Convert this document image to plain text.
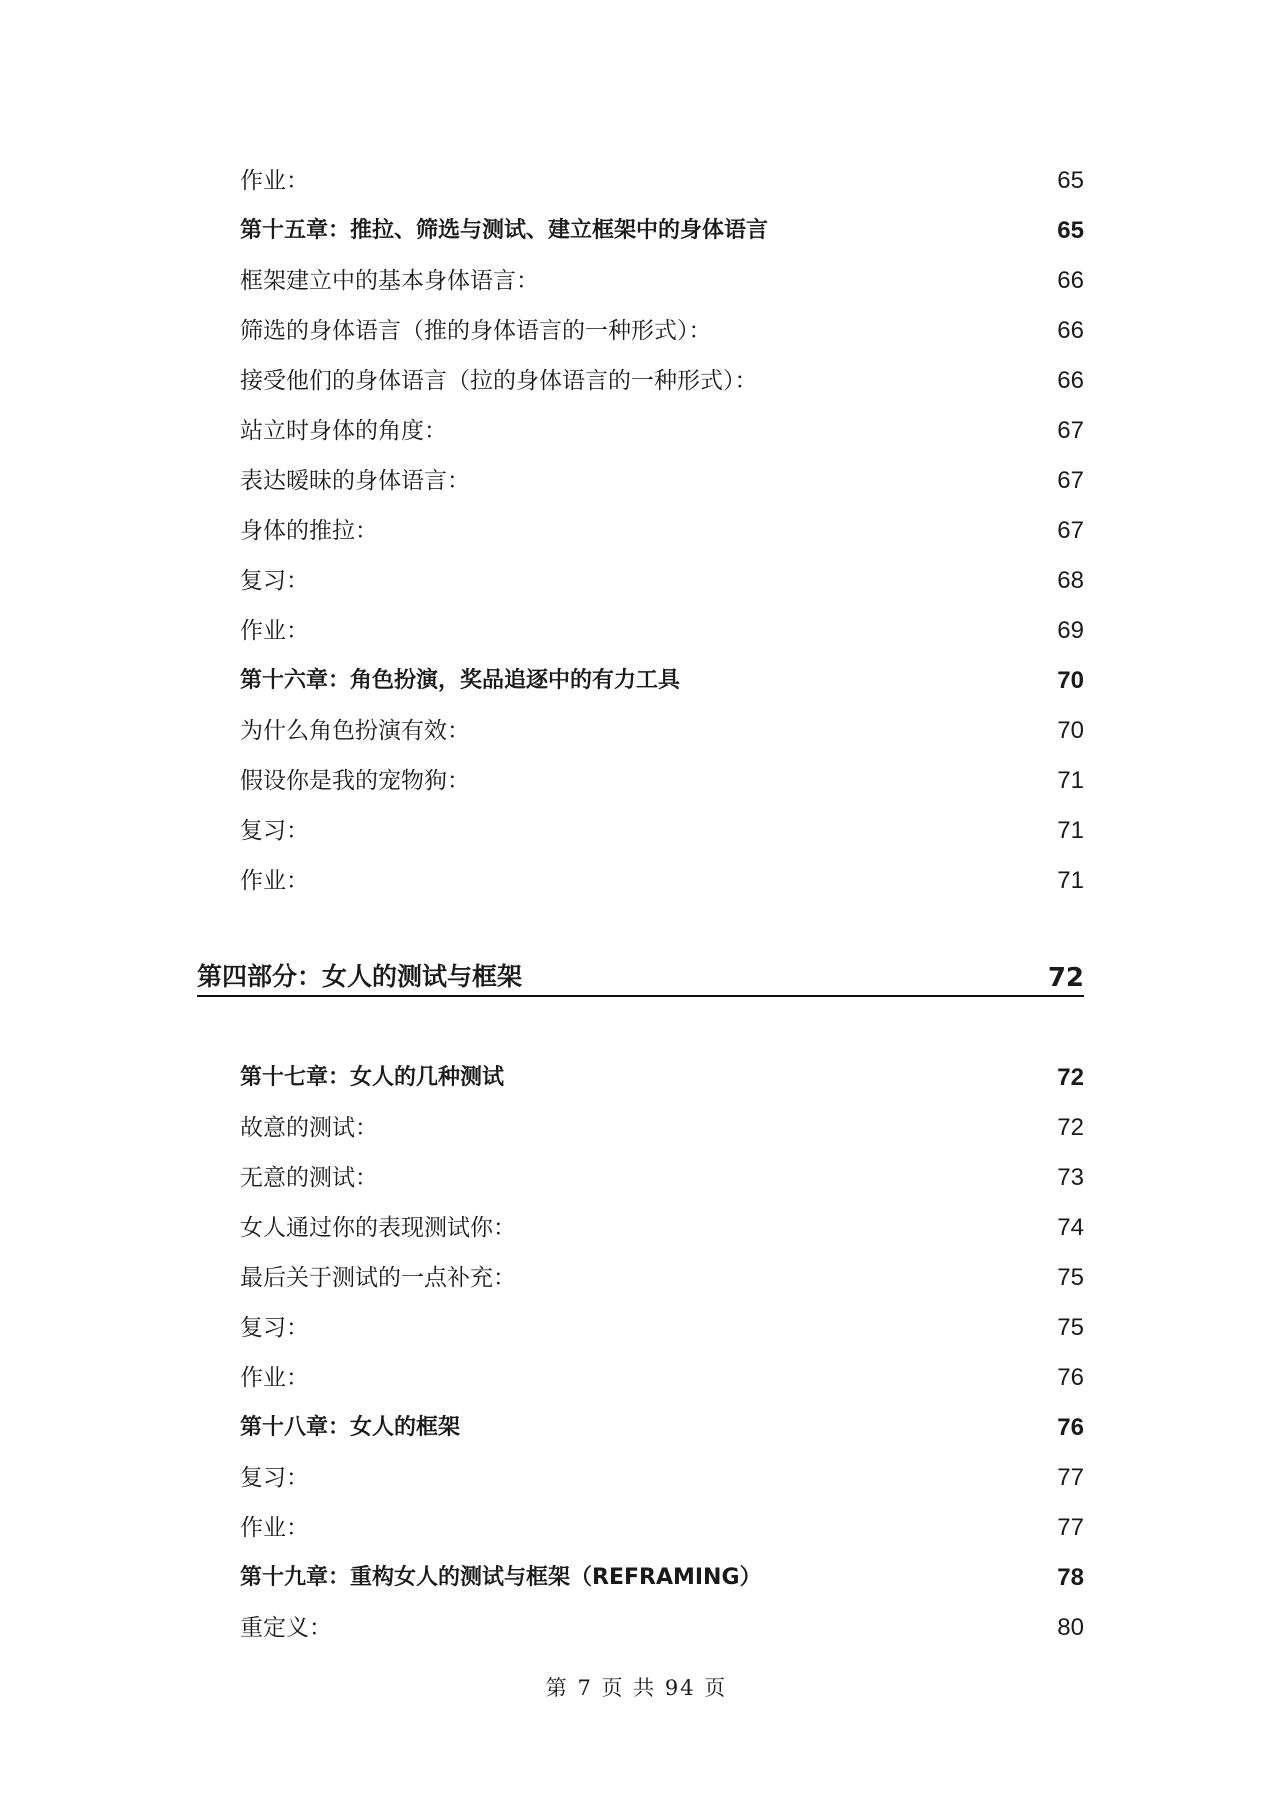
作业：	65
第十五章：推拉、筛选与测试、建立框架中的身体语言	65
框架建立中的基本身体语言：	66
筛选的身体语言（推的身体语言的一种形式）：	66
接受他们的身体语言（拉的身体语言的一种形式）：	66
站立时身体的角度：	67
表达暧昧的身体语言：	67
身体的推拉：	67
复习：	68
作业：	69
第十六章：角色扮演，奖品追逐中的有力工具	70
为什么角色扮演有效：	70
假设你是我的宠物狗：	71
复习：	71
作业：	71
第四部分：女人的测试与框架	72
第十七章：女人的几种测试	72
故意的测试：	72
无意的测试：	73
女人通过你的表现测试你：	74
最后关于测试的一点补充：	75
复习：	75
作业：	76
第十八章：女人的框架	76
复习：	77
作业：	77
第十九章：重构女人的测试与框架（REFRAMING）	78
重定义：	80
第 7 页 共 94 页
